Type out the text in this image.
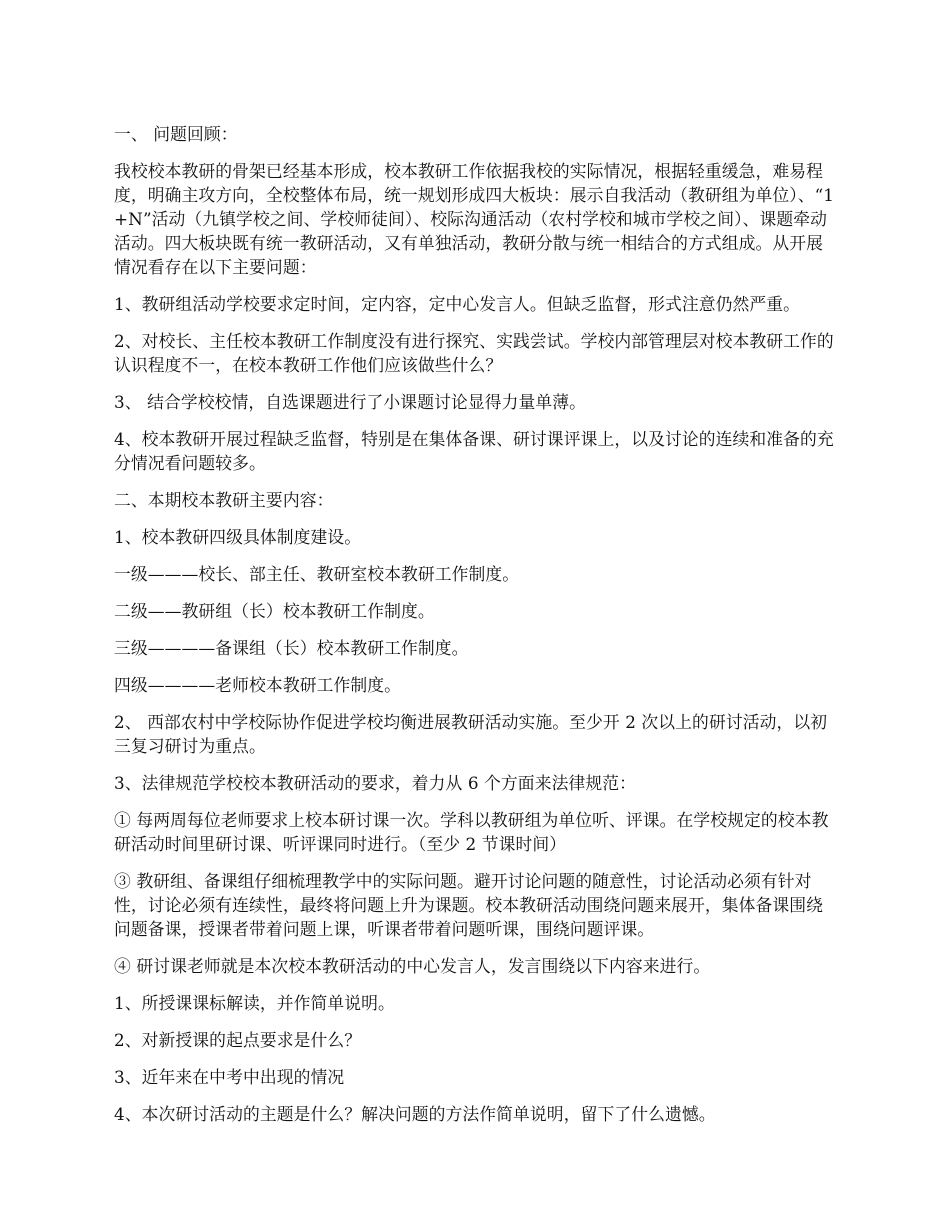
一、 问题回顾：

我校校本教研的骨架已经基本形成，校本教研工作依据我校的实际情况，根据轻重缓急，难易程度，明确主攻方向，全校整体布局，统一规划形成四大板块：展示自我活动（教研组为单位）、“1+N”活动（九镇学校之间、学校师徒间）、校际沟通活动（农村学校和城市学校之间）、课题牵动活动。四大板块既有统一教研活动，又有单独活动，教研分散与统一相结合的方式组成。从开展情况看存在以下主要问题：

1、教研组活动学校要求定时间，定内容，定中心发言人。但缺乏监督，形式注意仍然严重。

2、对校长、主任校本教研工作制度没有进行探究、实践尝试。学校内部管理层对校本教研工作的认识程度不一，在校本教研工作他们应该做些什么？

3、 结合学校校情，自选课题进行了小课题讨论显得力量单薄。

4、校本教研开展过程缺乏监督，特别是在集体备课、研讨课评课上，以及讨论的连续和准备的充分情况看问题较多。

二、本期校本教研主要内容：

1、校本教研四级具体制度建设。

一级———校长、部主任、教研室校本教研工作制度。

二级——教研组（长）校本教研工作制度。

三级————备课组（长）校本教研工作制度。

四级————老师校本教研工作制度。

2、 西部农村中学校际协作促进学校均衡进展教研活动实施。至少开 2 次以上的研讨活动，以初三复习研讨为重点。

3、法律规范学校校本教研活动的要求，着力从 6 个方面来法律规范：

① 每两周每位老师要求上校本研讨课一次。学科以教研组为单位听、评课。在学校规定的校本教研活动时间里研讨课、听评课同时进行。（至少 2 节课时间）

③ 教研组、备课组仔细梳理教学中的实际问题。避开讨论问题的随意性，讨论活动必须有针对性，讨论必须有连续性，最终将问题上升为课题。校本教研活动围绕问题来展开，集体备课围绕问题备课，授课者带着问题上课，听课者带着问题听课，围绕问题评课。

④ 研讨课老师就是本次校本教研活动的中心发言人，发言围绕以下内容来进行。

1、所授课课标解读，并作简单说明。

2、对新授课的起点要求是什么？

3、近年来在中考中出现的情况

4、本次研讨活动的主题是什么？解决问题的方法作简单说明，留下了什么遗憾。
